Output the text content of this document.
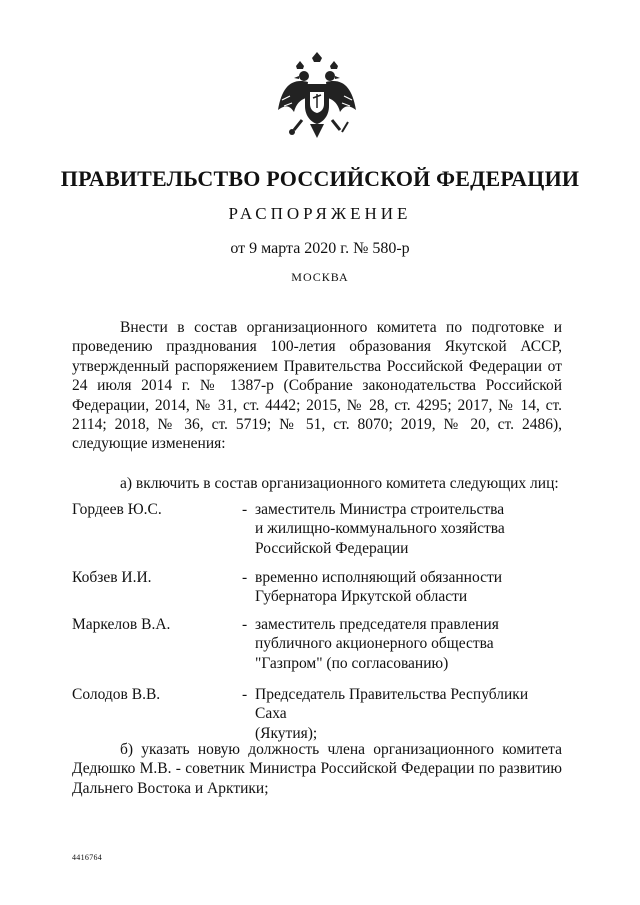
ПРАВИТЕЛЬСТВО РОССИЙСКОЙ ФЕДЕРАЦИИ
РАСПОРЯЖЕНИЕ
от 9 марта 2020 г. № 580-р
МОСКВА

Внести в состав организационного комитета по подготовке и проведению празднования 100-летия образования Якутской АССР, утвержденный распоряжением Правительства Российской Федерации от 24 июля 2014 г. № 1387-р (Собрание законодательства Российской Федерации, 2014, № 31, ст. 4442; 2015, № 28, ст. 4295; 2017, № 14, ст. 2114; 2018, № 36, ст. 5719; № 51, ст. 8070; 2019, № 20, ст. 2486), следующие изменения:

а) включить в состав организационного комитета следующих лиц:
Гордеев Ю.С.	- заместитель Министра строительства
и жилищно-коммунального хозяйства
Российской Федерации
Кобзев И.И.	- временно исполняющий обязанности
Губернатора Иркутской области
Маркелов В.А.	- заместитель председателя правления
публичного акционерного общества
"Газпром" (по согласованию)
Солодов В.В.	- Председатель Правительства Республики Саха
(Якутия);

б) указать новую должность члена организационного комитета Дедюшко М.В. - советник Министра Российской Федерации по развитию Дальнего Востока и Арктики;

4416764
